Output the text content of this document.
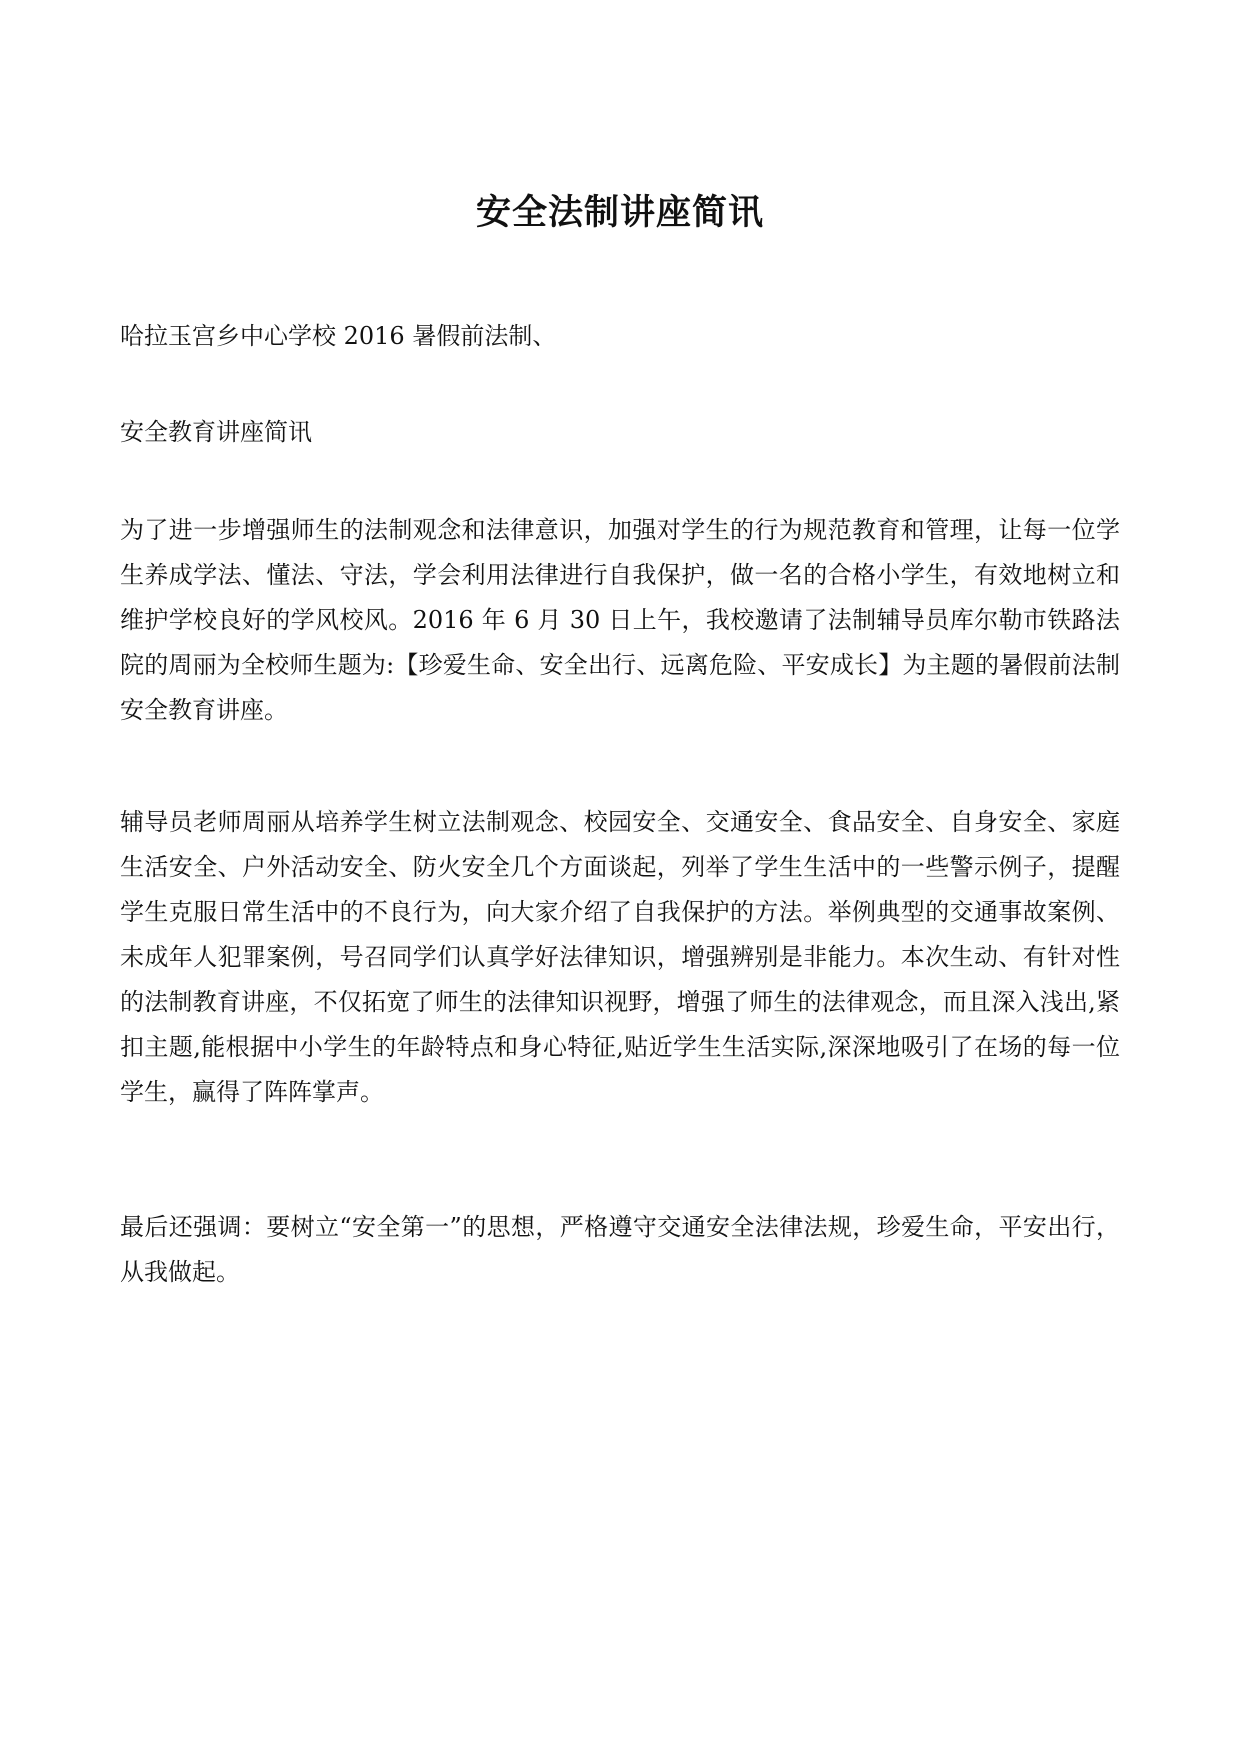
安全法制讲座简讯

哈拉玉宫乡中心学校 2016 暑假前法制、

安全教育讲座简讯

为了进一步增强师生的法制观念和法律意识，加强对学生的行为规范教育和管理，让每一位学生养成学法、懂法、守法，学会利用法律进行自我保护，做一名的合格小学生，有效地树立和维护学校良好的学风校风。2016 年 6 月 30 日上午，我校邀请了法制辅导员库尔勒市铁路法院的周丽为全校师生题为:【珍爱生命、安全出行、远离危险、平安成长】为主题的暑假前法制安全教育讲座。

辅导员老师周丽从培养学生树立法制观念、校园安全、交通安全、食品安全、自身安全、家庭生活安全、户外活动安全、防火安全几个方面谈起，列举了学生生活中的一些警示例子，提醒学生克服日常生活中的不良行为，向大家介绍了自我保护的方法。举例典型的交通事故案例、未成年人犯罪案例，号召同学们认真学好法律知识，增强辨别是非能力。本次生动、有针对性的法制教育讲座，不仅拓宽了师生的法律知识视野，增强了师生的法律观念，而且深入浅出,紧扣主题,能根据中小学生的年龄特点和身心特征,贴近学生生活实际,深深地吸引了在场的每一位学生，赢得了阵阵掌声。

最后还强调：要树立“安全第一”的思想，严格遵守交通安全法律法规，珍爱生命，平安出行，从我做起。
